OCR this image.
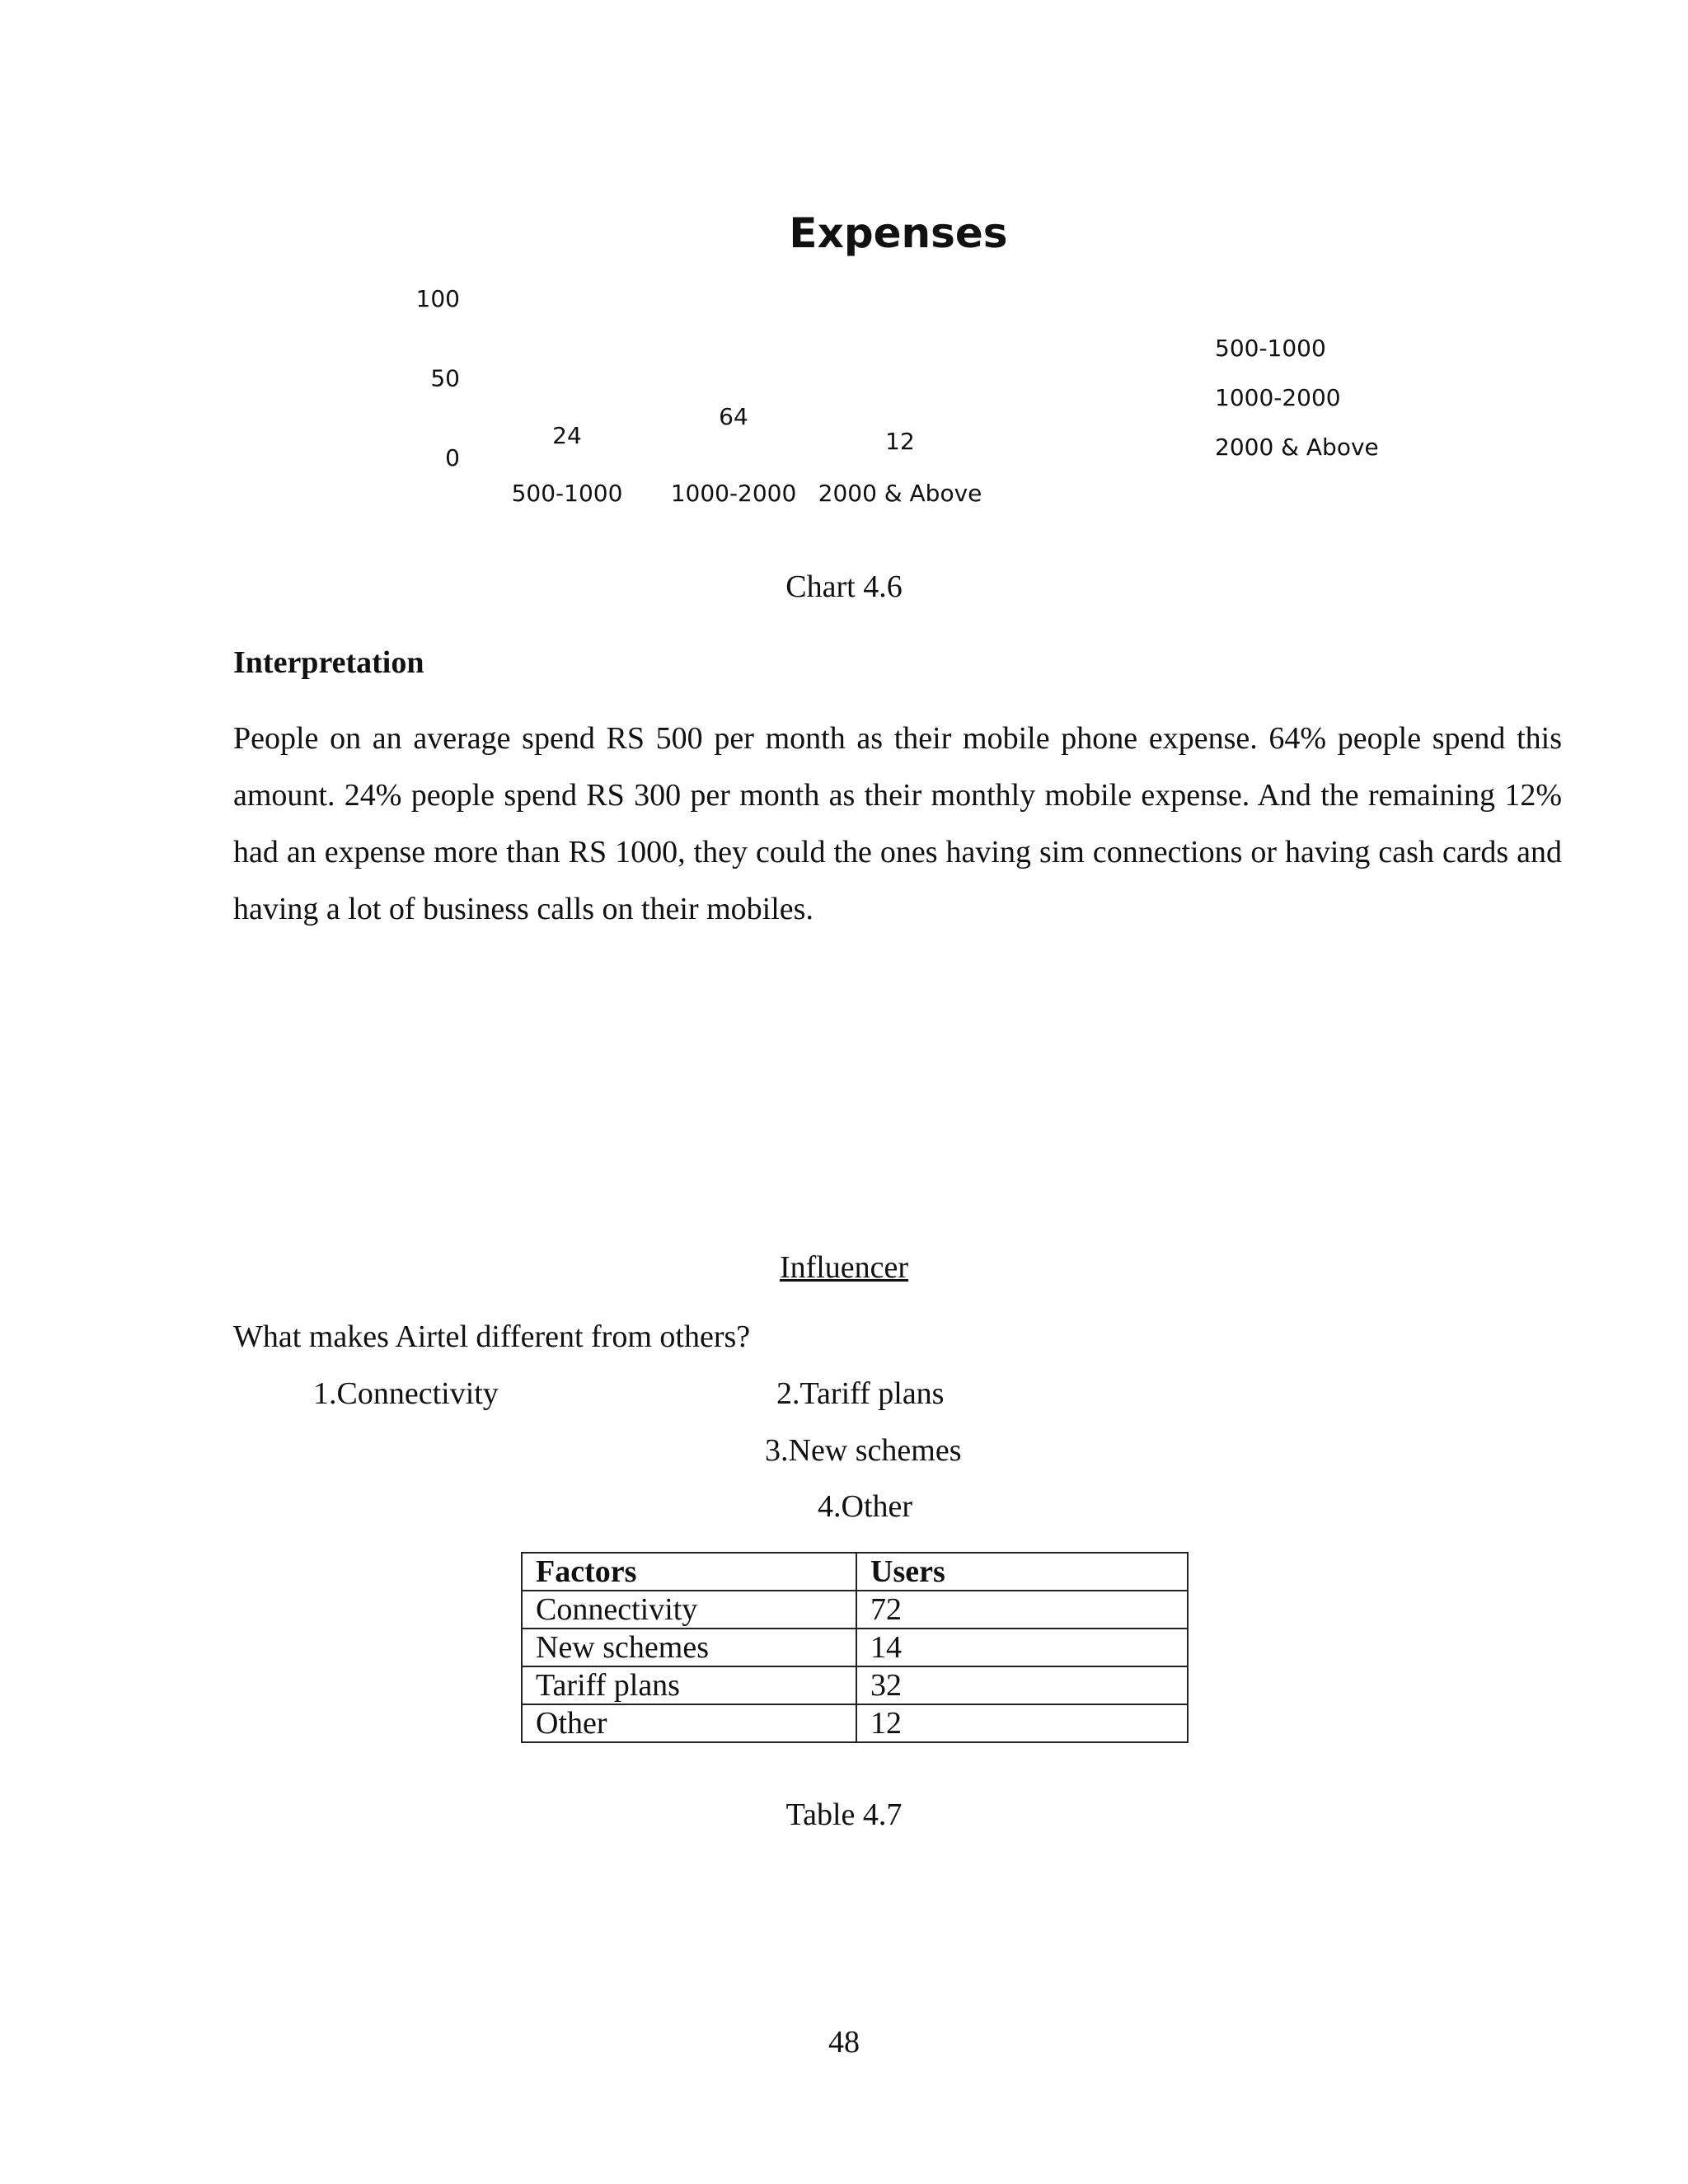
Expenses
100
50
0
500-1000
24
1000-2000
64
2000 & Above
12
500-1000
1000-2000
2000 & Above
Chart 4.6
Interpretation
People on an average spend RS 500 per month as their mobile phone expense. 64% people spend this amount. 24% people spend RS 300 per month as their monthly mobile expense. And the remaining 12% had an expense more than RS 1000, they could the ones having sim connections or having cash cards and having a lot of business calls on their mobiles.
Influencer
What makes Airtel different from others?
1.Connectivity	2.Tariff plans
3.New schemes
4.Other
Factors	Users
Connectivity	72
New schemes	14
Tariff plans	32
Other	12
Table 4.7
48
